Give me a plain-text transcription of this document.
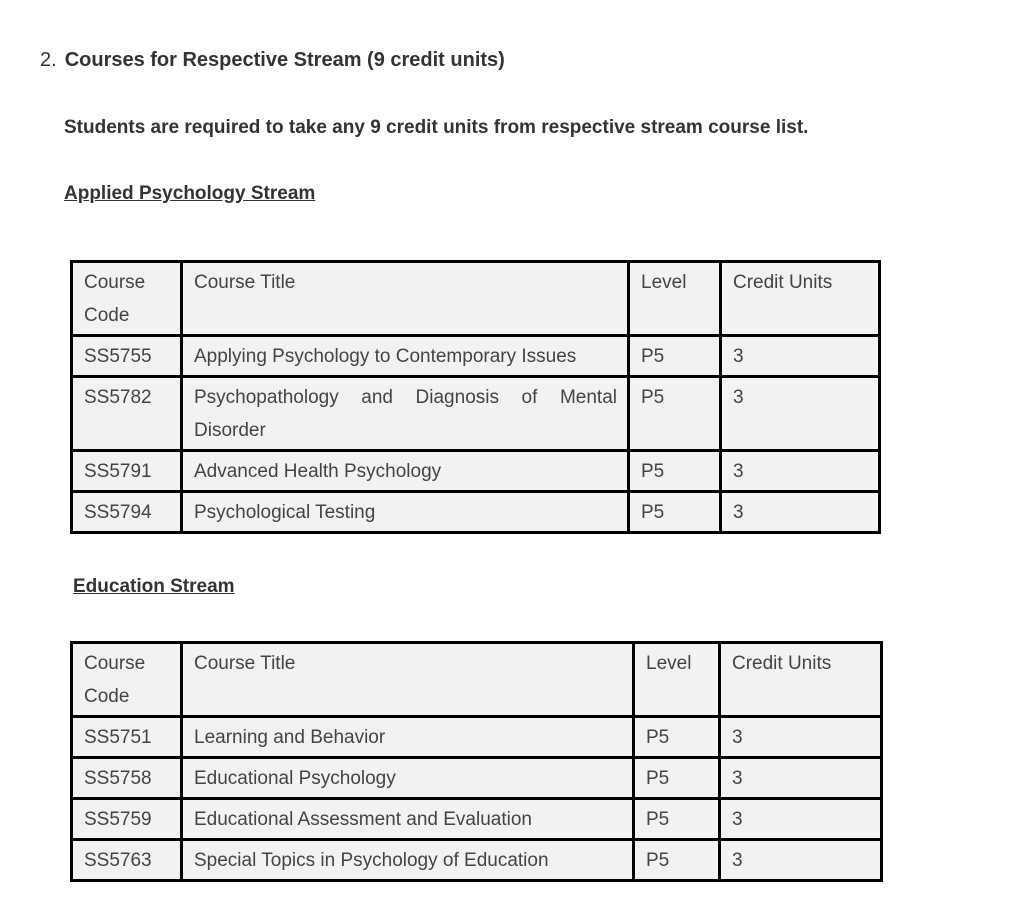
2. Courses for Respective Stream (9 credit units)
Students are required to take any 9 credit units from respective stream course list.
Applied Psychology Stream
Course Code	Course Title	Level	Credit Units
SS5755	Applying Psychology to Contemporary Issues	P5	3
SS5782	Psychopathology and Diagnosis of Mental Disorder	P5	3
SS5791	Advanced Health Psychology	P5	3
SS5794	Psychological Testing	P5	3
Education Stream
Course Code	Course Title	Level	Credit Units
SS5751	Learning and Behavior	P5	3
SS5758	Educational Psychology	P5	3
SS5759	Educational Assessment and Evaluation	P5	3
SS5763	Special Topics in Psychology of Education	P5	3
